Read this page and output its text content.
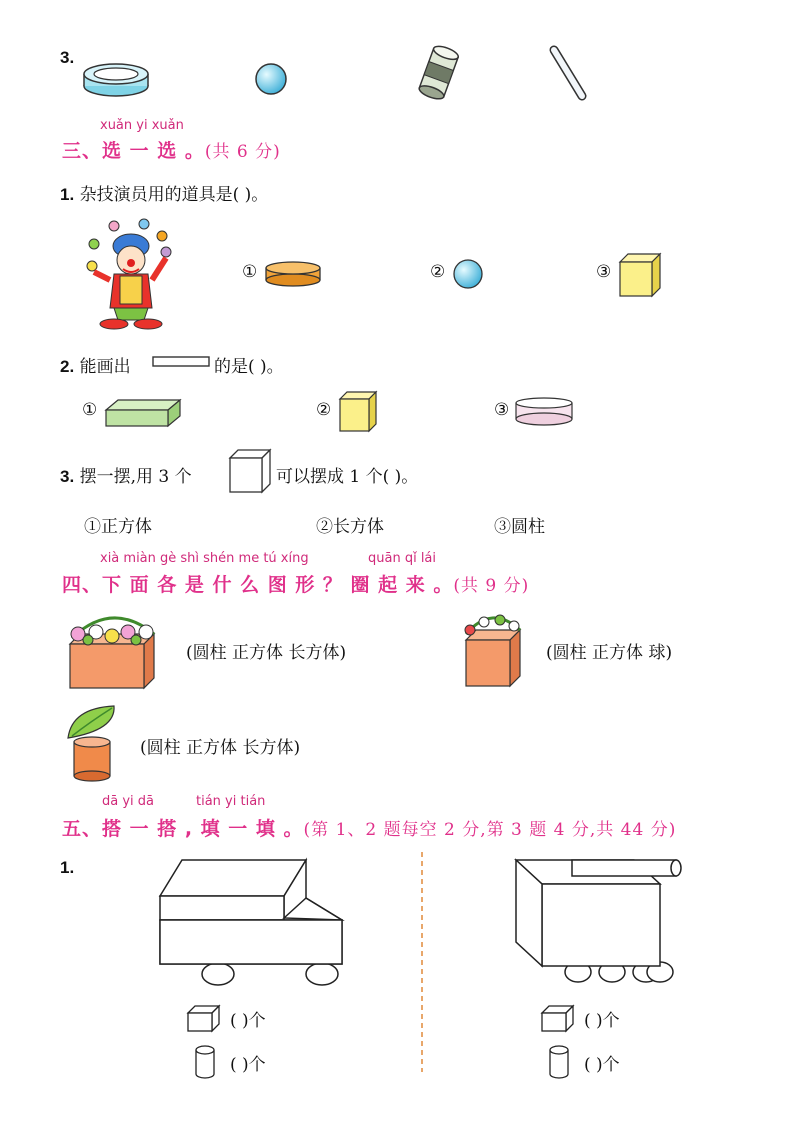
3.
xuǎn yi xuǎn
三、选 一 选 。(共 6 分)
1. 杂技演员用的道具是( )。
①	②	③
2. 能画出	的是( )。
①	②	③
3. 摆一摆,用 3 个	可以摆成 1 个( )。
①正方体	②长方体	③圆柱
xià miàn gè shì shén me tú xíng	quān qǐ lái
四、下 面 各 是 什 么 图 形 ？ 圈 起 来 。(共 9 分)
(圆柱 正方体 长方体)	(圆柱 正方体 球)
(圆柱 正方体 长方体)
dā yi dā	tián yi tián
五、搭 一 搭 , 填 一 填 。(第 1、2 题每空 2 分,第 3 题 4 分,共 44 分)
1.
( )个
( )个
( )个
( )个
